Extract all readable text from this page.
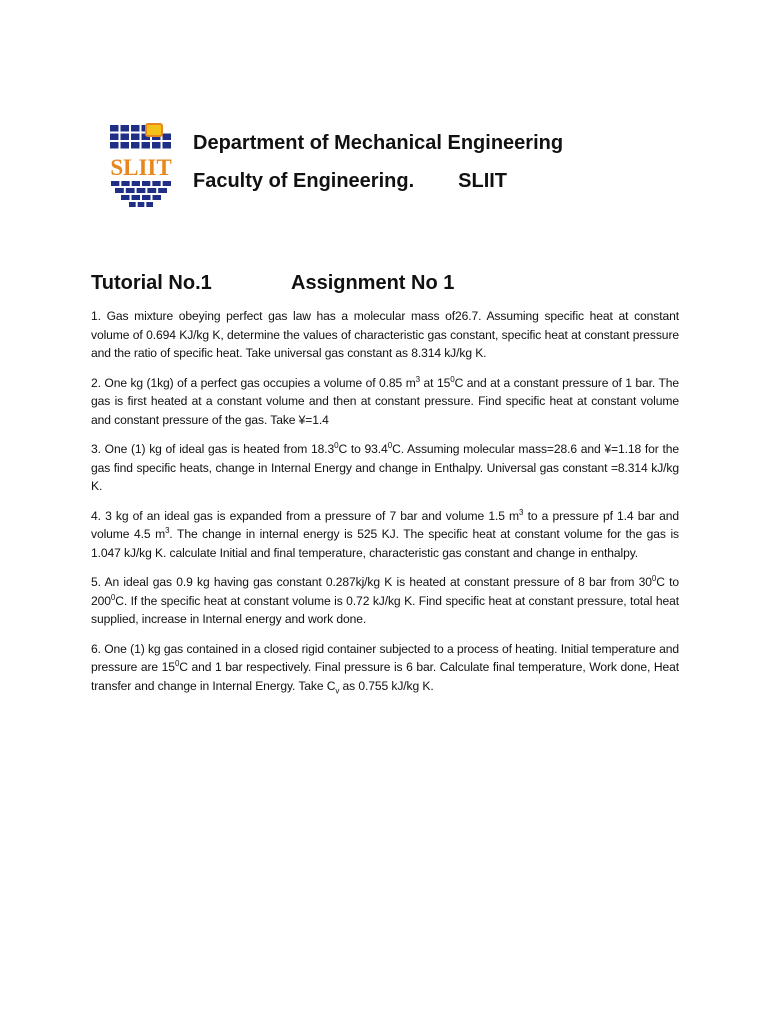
SLIIT
Department of Mechanical Engineering
Faculty of Engineering. SLIIT
Tutorial No.1	Assignment No 1

1. Gas mixture obeying perfect gas law has a molecular mass of26.7. Assuming specific heat at constant volume of 0.694 KJ/kg K, determine the values of characteristic gas constant, specific heat at constant pressure and the ratio of specific heat. Take universal gas constant as 8.314 kJ/kg K.

2. One kg (1kg) of a perfect gas occupies a volume of 0.85 $m^3$ at $15^0C$ and at a constant pressure of 1 bar. The gas is first heated at a constant volume and then at constant pressure. Find specific heat at constant volume and constant pressure of the gas. Take ¥=1.4

3. One (1) kg of ideal gas is heated from 18.3$^0$C to 93.4$^0$C. Assuming molecular mass=28.6 and ¥=1.18 for the gas find specific heats, change in Internal Energy and change in Enthalpy. Universal gas constant =8.314 kJ/kg K.

4. 3 kg of an ideal gas is expanded from a pressure of 7 bar and volume 1.5 $m^3$ to a pressure pf 1.4 bar and volume 4.5 $m^3$. The change in internal energy is 525 KJ. The specific heat at constant volume for the gas is 1.047 kJ/kg K. calculate Initial and final temperature, characteristic gas constant and change in enthalpy.

5. An ideal gas 0.9 kg having gas constant 0.287kj/kg K is heated at constant pressure of 8 bar from $30^0C$ to $200^0C$. If the specific heat at constant volume is 0.72 kJ/kg K. Find specific heat at constant pressure, total heat supplied, increase in Internal energy and work done.

6. One (1) kg gas contained in a closed rigid container subjected to a process of heating. Initial temperature and pressure are $15^0C$ and 1 bar respectively. Final pressure is 6 bar. Calculate final temperature, Work done, Heat transfer and change in Internal Energy. Take $C_v$ as 0.755 kJ/kg K.
